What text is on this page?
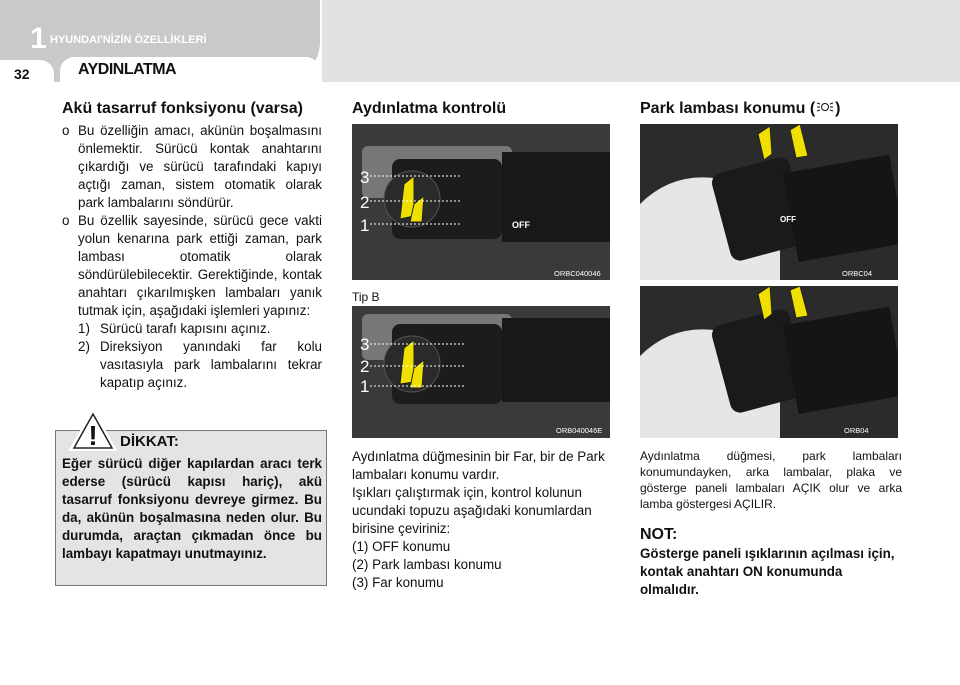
1 HYUNDAI'NİZİN ÖZELLİKLERİ
32	AYDINLATMA

Akü tasarruf fonksiyonu (varsa)

o Bu özelliğin amacı, akünün boşalmasını önlemektir. Sürücü kontak anahtarını çıkardığı ve sürücü tarafındaki kapıyı açtığı zaman, sistem otomatik olarak park lambalarını söndürür.
o Bu özellik sayesinde, sürücü gece vakti yolun kenarına park ettiği zaman, park lambası otomatik olarak söndürülebilecektir. Gerektiğinde, kontak anahtarı çıkarılmışken lambaları yanık tutmak için, aşağıdaki işlemleri yapınız:
1) Sürücü tarafı kapısını açınız.
2) Direksiyon yanındaki far kolu vasıtasıyla park lambalarını tekrar kapatıp açınız.
! DİKKAT:
Eğer sürücü diğer kapılardan aracı terk ederse (sürücü kapısı hariç), akü tasarruf fonksiyonu devreye girmez. Bu da, akünün boşalmasına neden olur. Bu durumda, araçtan çıkmadan önce bu lambayı kapatmayı unutmayınız.

Aydınlatma kontrolü

3
2
1	OFF
ORBC040046
Tip B
3
2
1
ORB040046E
Aydınlatma düğmesinin bir Far, bir de Park lambaları konumu vardır.
Işıkları çalıştırmak için, kontrol kolunun ucundaki topuzu aşağıdaki konumlardan birisine çeviriniz:
(1) OFF konumu
(2) Park lambası konumu
(3) Far konumu

Park lambası konumu ( )

OFF
ORBC04
ORB04
Aydınlatma düğmesi, park lambaları konumundayken, arka lambalar, plaka ve gösterge paneli lambaları AÇIK olur ve arka lamba göstergesi AÇILIR.
NOT:
Gösterge paneli ışıklarının açılması için, kontak anahtarı ON konumunda olmalıdır.
